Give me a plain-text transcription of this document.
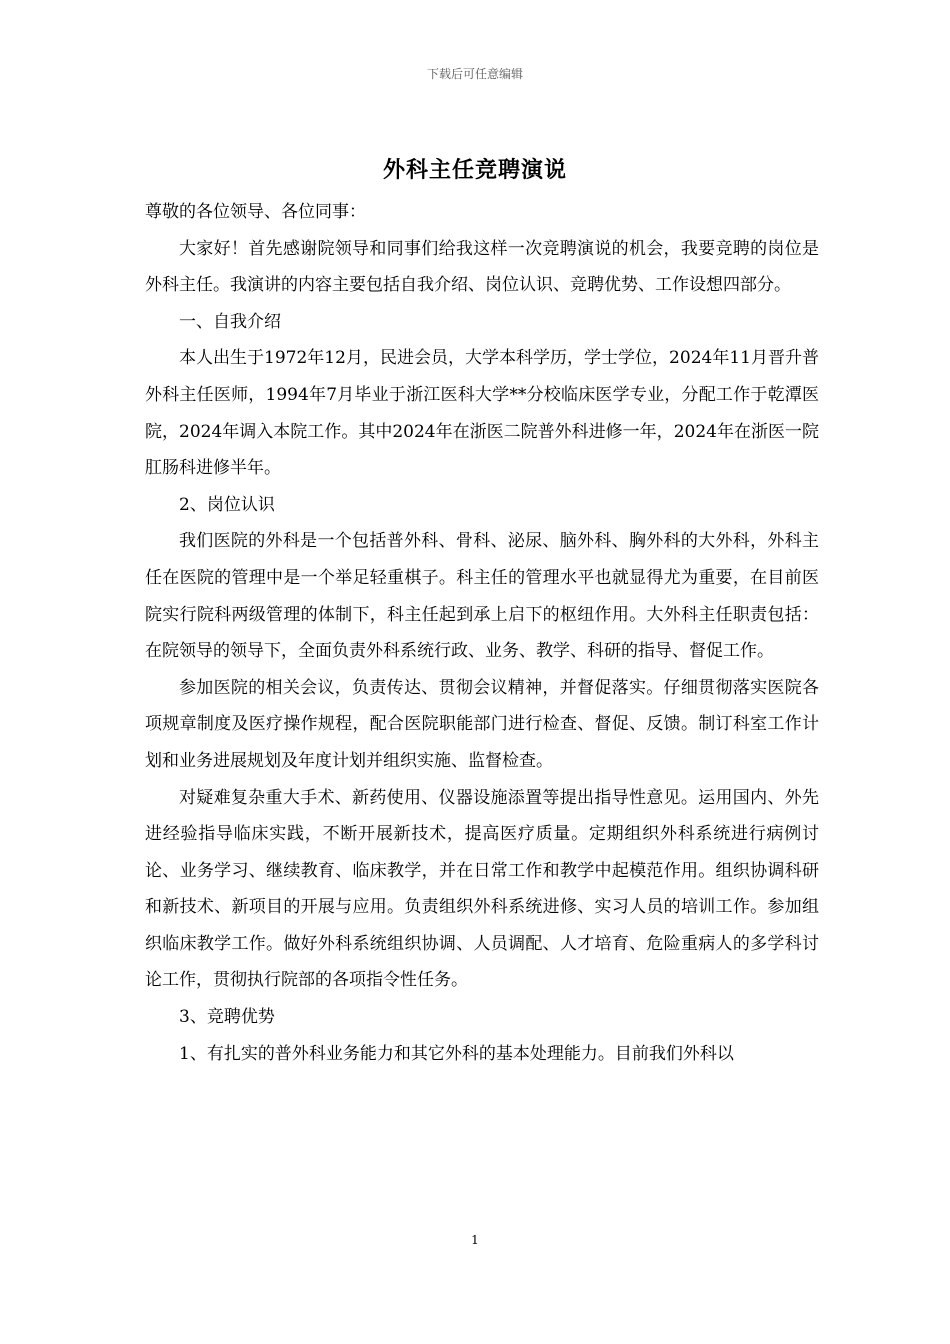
下载后可任意编辑
外科主任竞聘演说

尊敬的各位领导、各位同事：

大家好！首先感谢院领导和同事们给我这样一次竞聘演说的机会，我要竞聘的岗位是外科主任。我演讲的内容主要包括自我介绍、岗位认识、竞聘优势、工作设想四部分。

一、自我介绍

本人出生于1972年12月，民进会员，大学本科学历，学士学位，2024年11月晋升普外科主任医师，1994年7月毕业于浙江医科大学**分校临床医学专业，分配工作于乾潭医院，2024年调入本院工作。其中2024年在浙医二院普外科进修一年，2024年在浙医一院肛肠科进修半年。

2、岗位认识

我们医院的外科是一个包括普外科、骨科、泌尿、脑外科、胸外科的大外科，外科主任在医院的管理中是一个举足轻重棋子。科主任的管理水平也就显得尤为重要，在目前医院实行院科两级管理的体制下，科主任起到承上启下的枢纽作用。大外科主任职责包括：在院领导的领导下，全面负责外科系统行政、业务、教学、科研的指导、督促工作。

参加医院的相关会议，负责传达、贯彻会议精神，并督促落实。仔细贯彻落实医院各项规章制度及医疗操作规程，配合医院职能部门进行检查、督促、反馈。制订科室工作计划和业务进展规划及年度计划并组织实施、监督检查。

对疑难复杂重大手术、新药使用、仪器设施添置等提出指导性意见。运用国内、外先进经验指导临床实践，不断开展新技术，提高医疗质量。定期组织外科系统进行病例讨论、业务学习、继续教育、临床教学，并在日常工作和教学中起模范作用。组织协调科研和新技术、新项目的开展与应用。负责组织外科系统进修、实习人员的培训工作。参加组织临床教学工作。做好外科系统组织协调、人员调配、人才培育、危险重病人的多学科讨论工作，贯彻执行院部的各项指令性任务。

3、竞聘优势

1、有扎实的普外科业务能力和其它外科的基本处理能力。目前我们外科以

1
